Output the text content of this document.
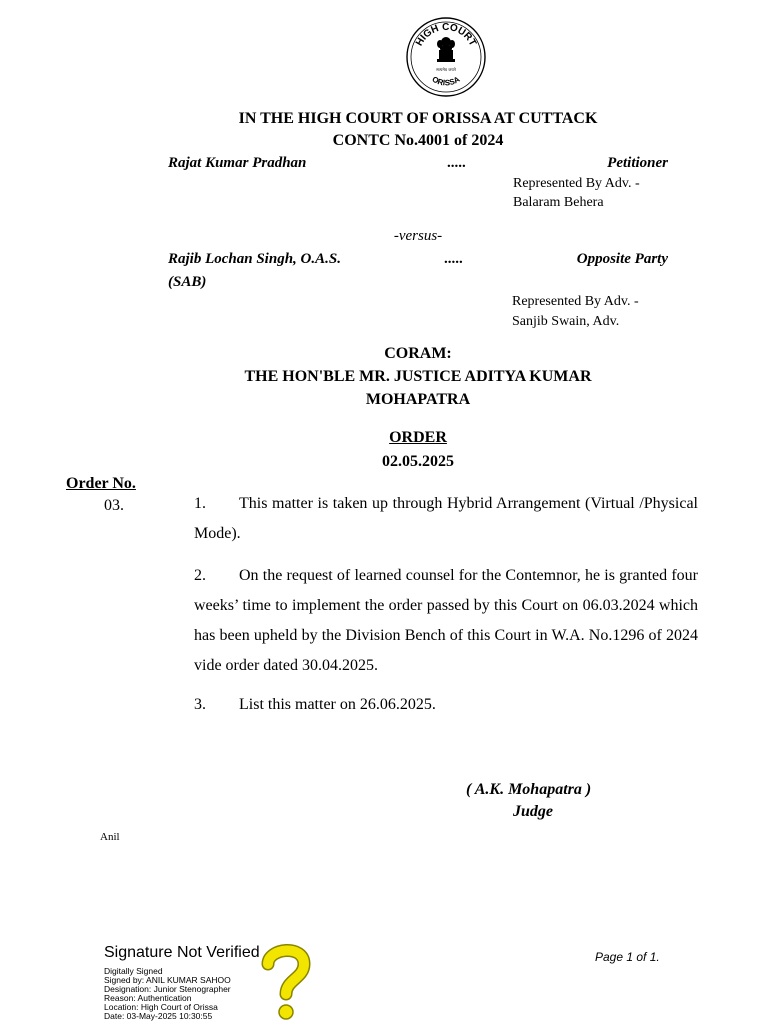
HIGH COURT
ORISSA
सत्यमेव जयते
IN THE HIGH COURT OF ORISSA AT CUTTACK
CONTC No.4001 of 2024
Rajat Kumar Pradhan	.....	Petitioner
Represented By Adv. -
Balaram Behera
-versus-
Rajib Lochan Singh, O.A.S.
(SAB)
.....	Opposite Party
Represented By Adv. -
Sanjib Swain, Adv.
CORAM:
THE HON'BLE MR. JUSTICE ADITYA KUMAR
MOHAPATRA
ORDER
02.05.2025
Order No.
03.	1. This matter is taken up through Hybrid Arrangement (Virtual /Physical Mode).
2. On the request of learned counsel for the Contemnor, he is granted four weeks’ time to implement the order passed by this Court on 06.03.2024 which has been upheld by the Division Bench of this Court in W.A. No.1296 of 2024 vide order dated 30.04.2025.
3. List this matter on 26.06.2025.
( A.K. Mohapatra )
Judge
Anil
Signature Not Verified
Digitally Signed
Signed by: ANIL KUMAR SAHOO
Designation: Junior Stenographer
Reason: Authentication
Location: High Court of Orissa
Date: 03-May-2025 10:30:55
Page 1 of 1.
